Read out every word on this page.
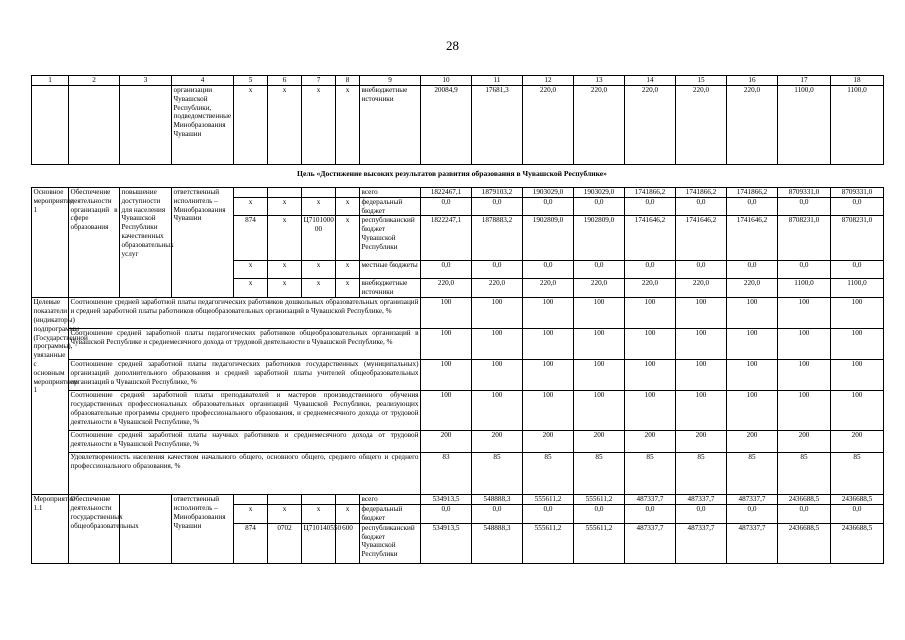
28
1	2	3	4	5	6	7	8	9	10	11	12	13	14	15	16	17	18
			организации Чувашской Республики, подведомственные Минобразования Чувашии	x	x	x	x	внебюджетные источники	20084,9	17681,3	220,0	220,0	220,0	220,0	220,0	1100,0	1100,0
Цель «Достижение высоких результатов развития образования в Чувашской Республике»
Основное мероприятие 1	Обеспечение деятельности организаций в сфере образования	повышение доступности для населения Чувашской Республики качественных образовательных услуг	ответственный исполнитель – Минобразования Чувашии					всего	1822467,1	1879103,2	1903029,0	1903029,0	1741866,2	1741866,2	1741866,2	8709331,0	8709331,0
				x	x	x	x	федеральный бюджет	0,0	0,0	0,0	0,0	0,0	0,0	0,0	0,0	0,0
				874	x	Ц7101000 00	x	республиканский бюджет Чувашской Республики	1822247,1	1878883,2	1902809,0	1902809,0	1741646,2	1741646,2	1741646,2	8708231,0	8708231,0
				x	x	x	x	местные бюджеты	0,0	0,0	0,0	0,0	0,0	0,0	0,0	0,0	0,0
				x	x	x	x	внебюджетные источники	220,0	220,0	220,0	220,0	220,0	220,0	220,0	1100,0	1100,0
Целевые показатели (индикаторы) подпрограммы (Государственной программы), увязанные с основным мероприятием 1	Соотношение средней заработной платы педагогических работников дошкольных образовательных организаций и средней заработной платы работников общеобразовательных организаций в Чувашской Республике, %								100	100	100	100	100	100	100	100	100
	Соотношение средней заработной платы педагогических работников общеобразовательных организаций в Чувашской Республике и среднемесячного дохода от трудовой деятельности в Чувашской Республике, %								100	100	100	100	100	100	100	100	100
	Соотношение средней заработной платы педагогических работников государственных (муниципальных) организаций дополнительного образования и средней заработной платы учителей общеобразовательных организаций в Чувашской Республике, %								100	100	100	100	100	100	100	100	100
	Соотношение средней заработной платы преподавателей и мастеров производственного обучения государственных профессиональных образовательных организаций Чувашской Республики, реализующих образовательные программы среднего профессионального образования, и среднемесячного дохода от трудовой деятельности в Чувашской Республике, %								100	100	100	100	100	100	100	100	100
	Соотношение средней заработной платы научных работников и среднемесячного дохода от трудовой деятельности в Чувашской Республике, %								200	200	200	200	200	200	200	200	200
	Удовлетворенность населения качеством начального общего, основного общего, среднего общего и среднего профессионального образования, %								83	85	85	85	85	85	85	85	85
Мероприятие 1.1	Обеспечение деятельности государственных общеобразовательных		ответственный исполнитель – Минобразования Чувашии					всего	534913,5	548888,3	555611,2	555611,2	487337,7	487337,7	487337,7	2436688,5	2436688,5
				x	x	x	x	федеральный бюджет	0,0	0,0	0,0	0,0	0,0	0,0	0,0	0,0	0,0
				874	0702	Ц710140550	600	республиканский бюджет Чувашской Республики	534913,5	548888,3	555611,2	555611,2	487337,7	487337,7	487337,7	2436688,5	2436688,5
